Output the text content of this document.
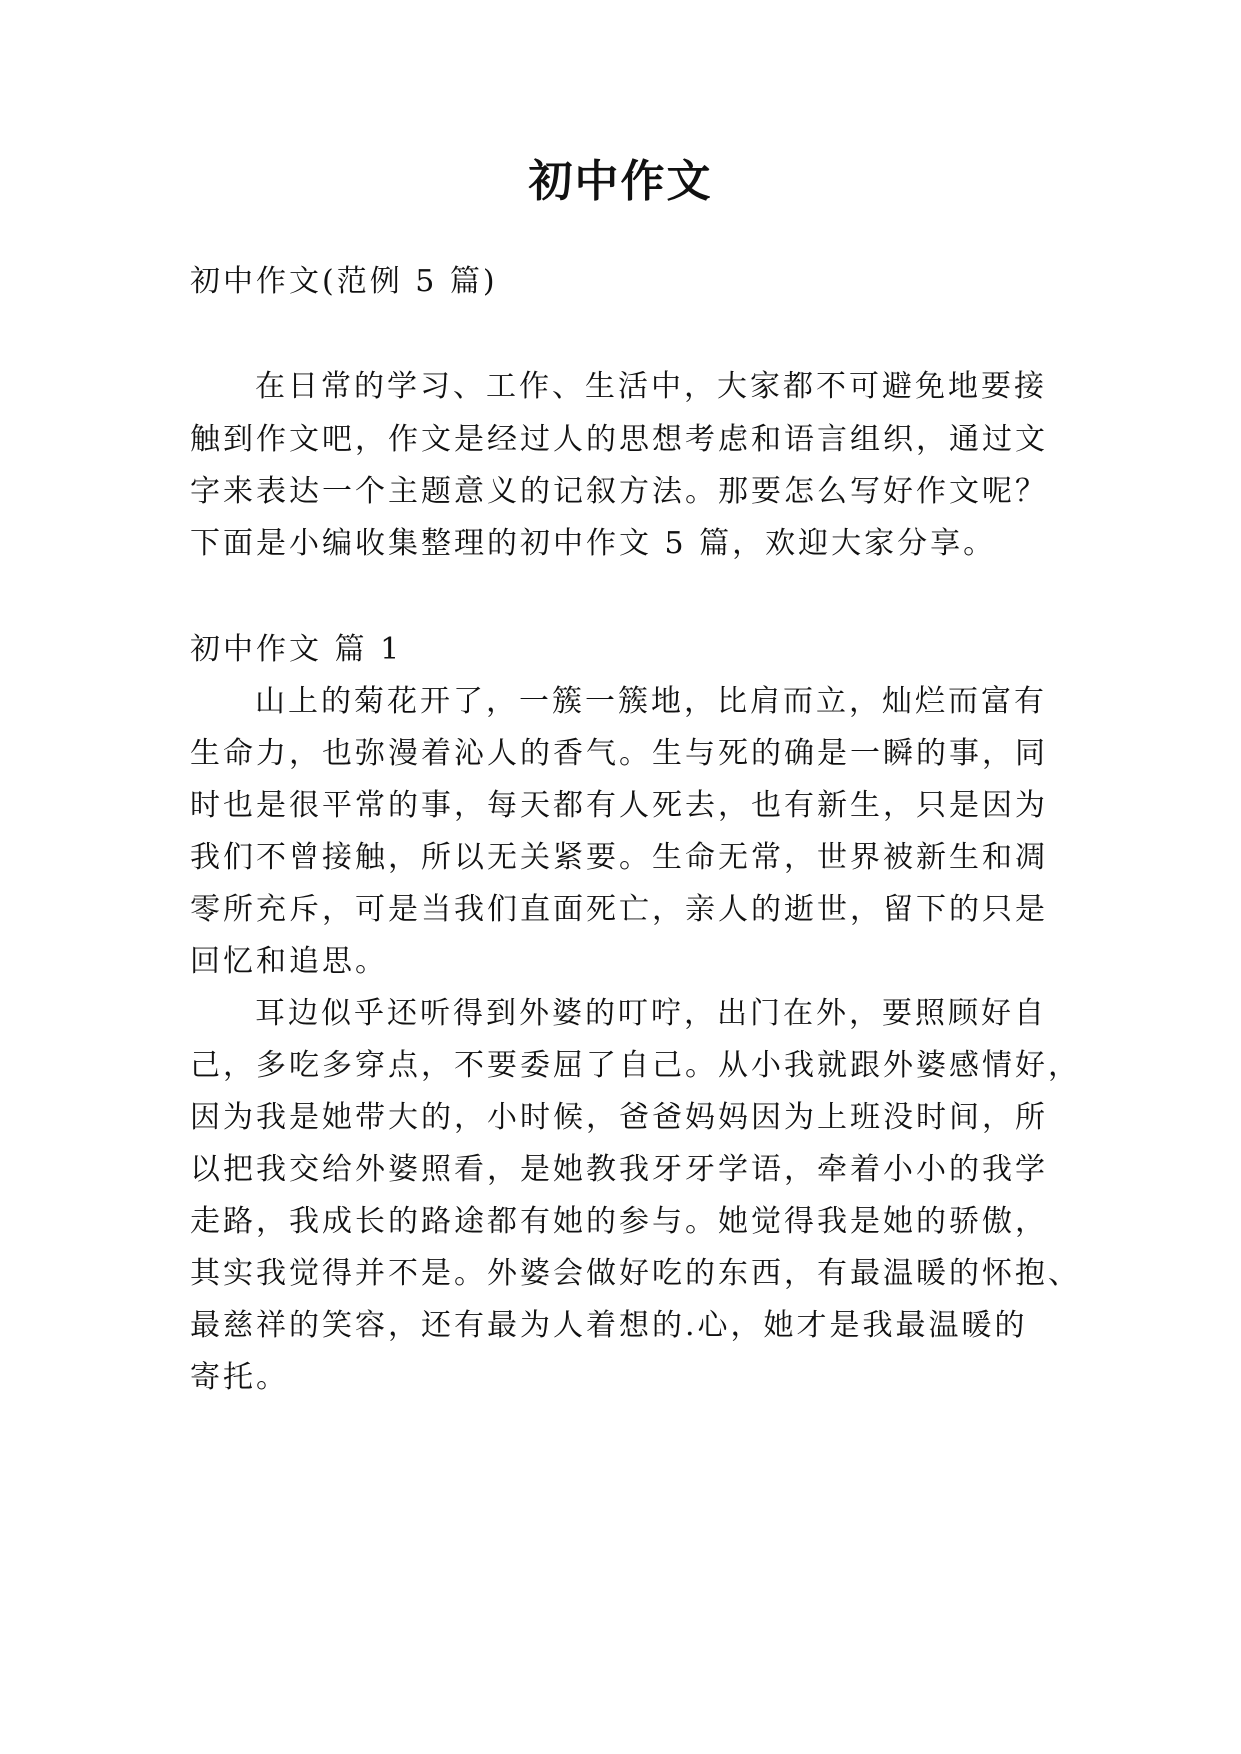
初中作文

初中作文(范例 5 篇)

在日常的学习、工作、生活中，大家都不可避免地要接

触到作文吧，作文是经过人的思想考虑和语言组织，通过文

字来表达一个主题意义的记叙方法。那要怎么写好作文呢？

下面是小编收集整理的初中作文 5 篇，欢迎大家分享。

初中作文 篇 1

山上的菊花开了，一簇一簇地，比肩而立，灿烂而富有

生命力，也弥漫着沁人的香气。生与死的确是一瞬的事，同

时也是很平常的事，每天都有人死去，也有新生，只是因为

我们不曾接触，所以无关紧要。生命无常，世界被新生和凋

零所充斥，可是当我们直面死亡，亲人的逝世，留下的只是

回忆和追思。

耳边似乎还听得到外婆的叮咛，出门在外，要照顾好自

己，多吃多穿点，不要委屈了自己。从小我就跟外婆感情好，

因为我是她带大的，小时候，爸爸妈妈因为上班没时间，所

以把我交给外婆照看，是她教我牙牙学语，牵着小小的我学

走路，我成长的路途都有她的参与。她觉得我是她的骄傲，

其实我觉得并不是。外婆会做好吃的东西，有最温暖的怀抱、

最慈祥的笑容，还有最为人着想的.心，她才是我最温暖的

寄托。
